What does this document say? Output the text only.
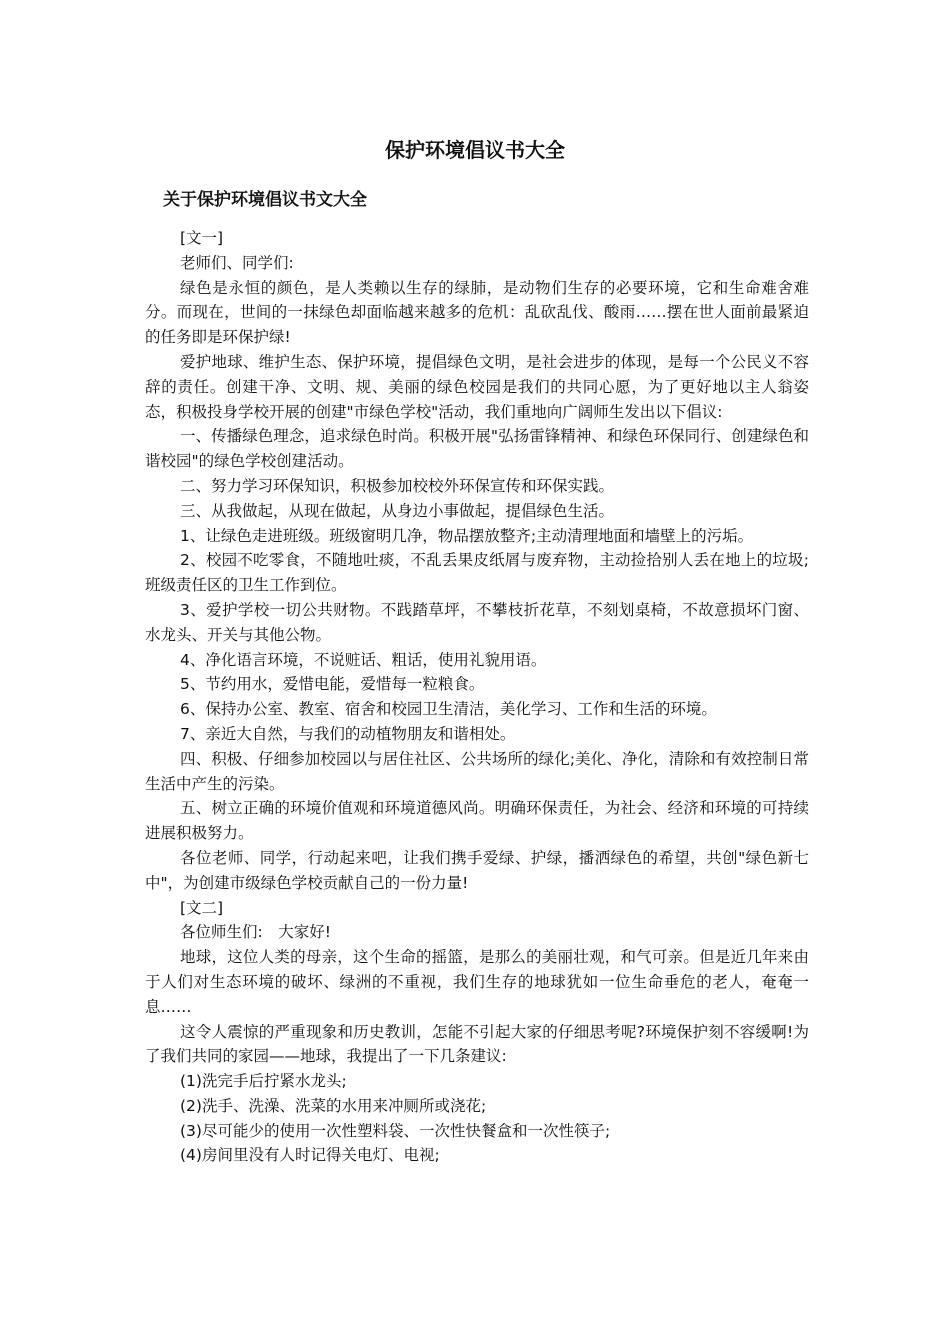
保护环境倡议书大全
关于保护环境倡议书文大全

[文一]

老师们、同学们:

绿色是永恒的颜色，是人类赖以生存的绿肺，是动物们生存的必要环境，它和生命难舍难分。而现在，世间的一抹绿色却面临越来越多的危机：乱砍乱伐、酸雨……摆在世人面前最紧迫的任务即是环保护绿!

爱护地球、维护生态、保护环境，提倡绿色文明，是社会进步的体现，是每一个公民义不容辞的责任。创建干净、文明、规、美丽的绿色校园是我们的共同心愿，为了更好地以主人翁姿态，积极投身学校开展的创建"市绿色学校"活动，我们重地向广阔师生发出以下倡议:

一、传播绿色理念，追求绿色时尚。积极开展"弘扬雷锋精神、和绿色环保同行、创建绿色和谐校园"的绿色学校创建活动。

二、努力学习环保知识，积极参加校校外环保宣传和环保实践。

三、从我做起，从现在做起，从身边小事做起，提倡绿色生活。

1、让绿色走进班级。班级窗明几净，物品摆放整齐;主动清理地面和墙壁上的污垢。

2、校园不吃零食，不随地吐痰，不乱丢果皮纸屑与废弃物，主动捡拾别人丢在地上的垃圾;班级责任区的卫生工作到位。

3、爱护学校一切公共财物。不践踏草坪，不攀枝折花草，不刻划桌椅，不故意损坏门窗、水龙头、开关与其他公物。

4、净化语言环境，不说赃话、粗话，使用礼貌用语。

5、节约用水，爱惜电能，爱惜每一粒粮食。

6、保持办公室、教室、宿舍和校园卫生清洁，美化学习、工作和生活的环境。

7、亲近大自然，与我们的动植物朋友和谐相处。

四、积极、仔细参加校园以与居住社区、公共场所的绿化;美化、净化，清除和有效控制日常生活中产生的污染。

五、树立正确的环境价值观和环境道德风尚。明确环保责任，为社会、经济和环境的可持续进展积极努力。

各位老师、同学，行动起来吧，让我们携手爱绿、护绿，播洒绿色的希望，共创"绿色新七中"，为创建市级绿色学校贡献自己的一份力量!

[文二]

各位师生们:　大家好!

地球，这位人类的母亲，这个生命的摇篮，是那么的美丽壮观，和气可亲。但是近几年来由于人们对生态环境的破坏、绿洲的不重视，我们生存的地球犹如一位生命垂危的老人，奄奄一息……

这令人震惊的严重现象和历史教训，怎能不引起大家的仔细思考呢?环境保护刻不容缓啊!为了我们共同的家园——地球，我提出了一下几条建议:

(1)洗完手后拧紧水龙头;

(2)洗手、洗澡、洗菜的水用来冲厕所或浇花;

(3)尽可能少的使用一次性塑料袋、一次性快餐盒和一次性筷子;

(4)房间里没有人时记得关电灯、电视;
